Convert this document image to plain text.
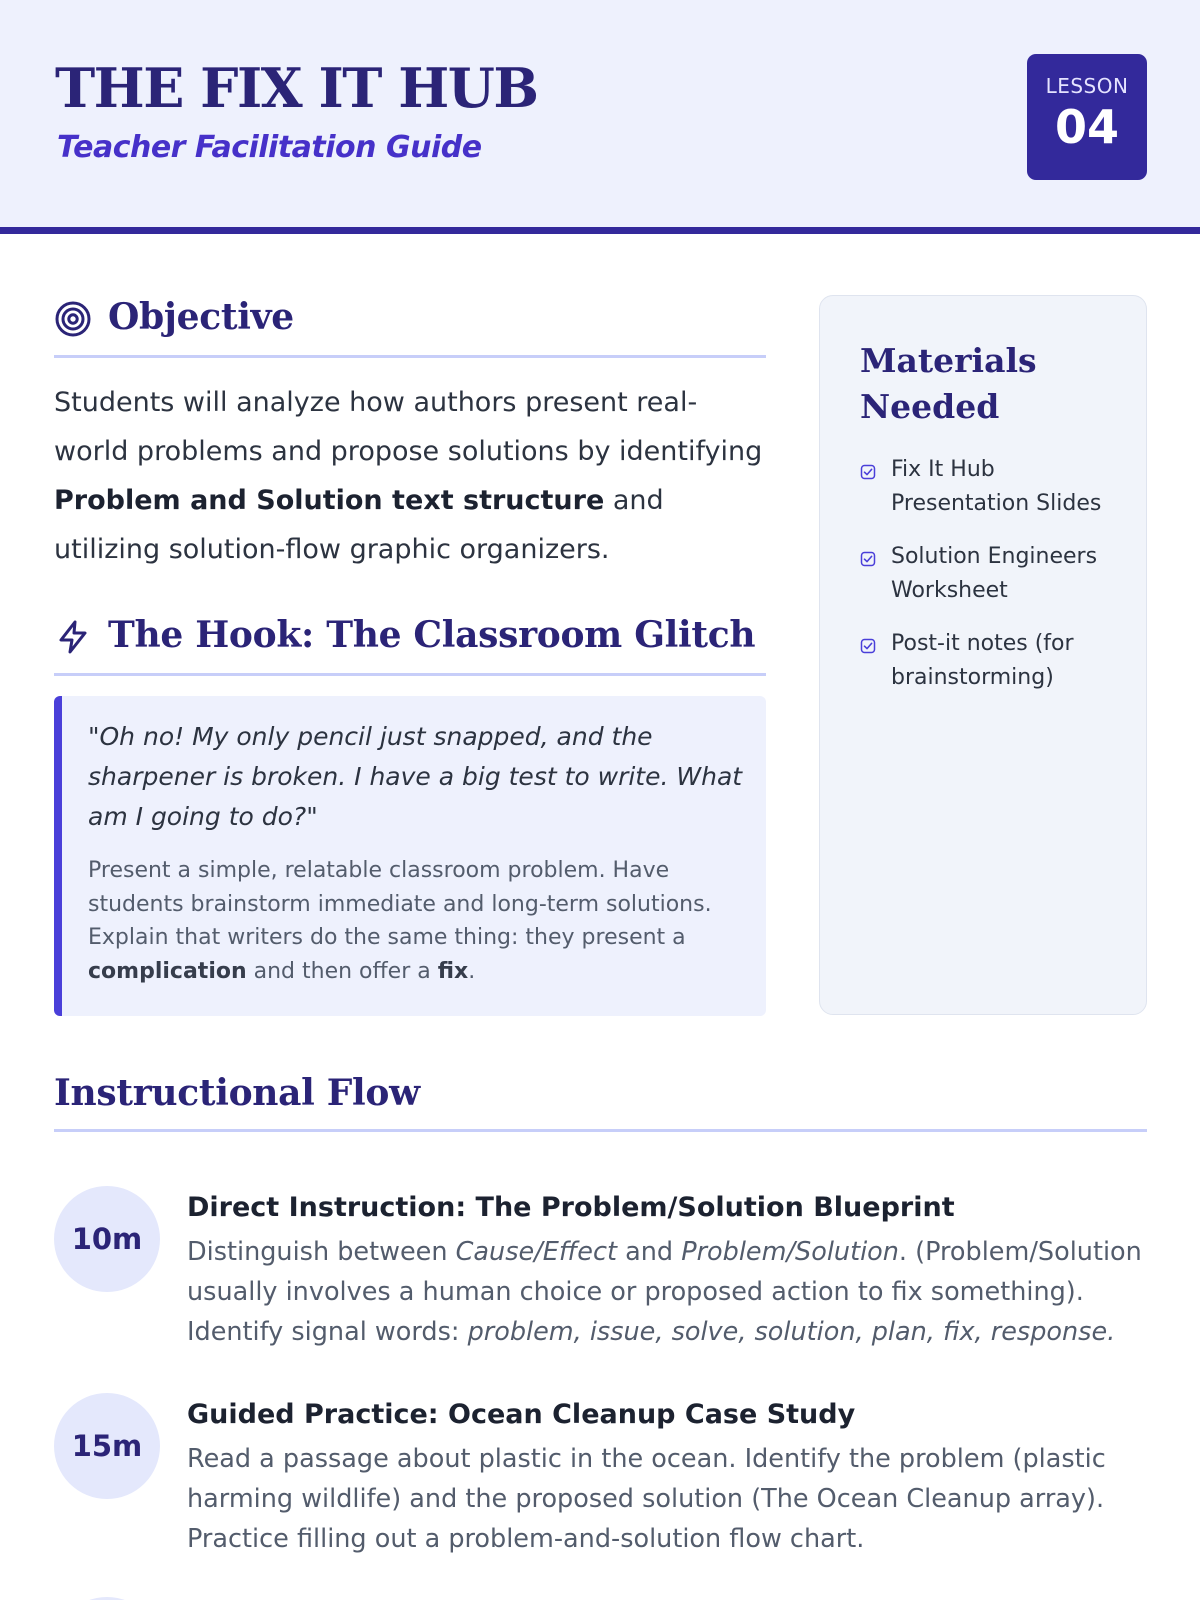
THE FIX IT HUB
Teacher Facilitation Guide
LESSON
04
Objective

Students will analyze how authors present real-world problems and propose solutions by identifying Problem and Solution text structure and utilizing solution-flow graphic organizers.

The Hook: The Classroom Glitch

"Oh no! My only pencil just snapped, and the sharpener is broken. I have a big test to write. What am I going to do?"

Present a simple, relatable classroom problem. Have students brainstorm immediate and long-term solutions. Explain that writers do the same thing: they present a complication and then offer a fix.

Materials Needed
Fix It Hub Presentation Slides
Solution Engineers Worksheet
Post-it notes (for brainstorming)
Instructional Flow
10m
Direct Instruction: The Problem/Solution Blueprint

Distinguish between Cause/Effect and Problem/Solution. (Problem/Solution usually involves a human choice or proposed action to fix something). Identify signal words: problem, issue, solve, solution, plan, fix, response.

15m
Guided Practice: Ocean Cleanup Case Study

Read a passage about plastic in the ocean. Identify the problem (plastic harming wildlife) and the proposed solution (The Ocean Cleanup array). Practice filling out a problem-and-solution flow chart.
